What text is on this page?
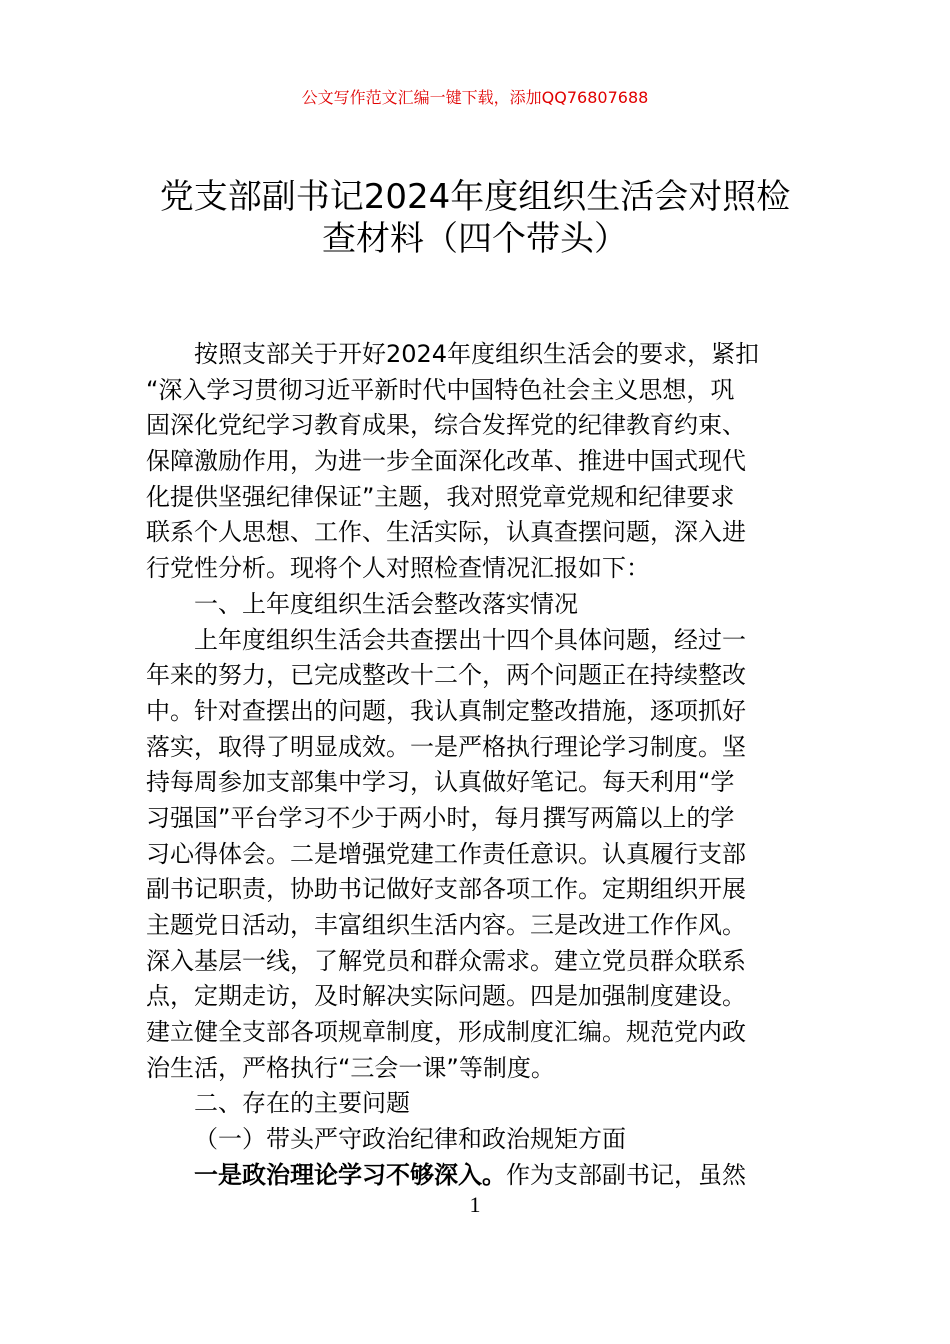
公文写作范文汇编一键下载，添加QQ76807688
党支部副书记2024年度组织生活会对照检
查材料（四个带头）
按照支部关于开好2024年度组织生活会的要求，紧扣
“深入学习贯彻习近平新时代中国特色社会主义思想，巩
固深化党纪学习教育成果，综合发挥党的纪律教育约束、
保障激励作用，为进一步全面深化改革、推进中国式现代
化提供坚强纪律保证”主题，我对照党章党规和纪律要求
联系个人思想、工作、生活实际，认真查摆问题，深入进
行党性分析。现将个人对照检查情况汇报如下：
一、上年度组织生活会整改落实情况
上年度组织生活会共查摆出十四个具体问题，经过一
年来的努力，已完成整改十二个，两个问题正在持续整改
中。针对查摆出的问题，我认真制定整改措施，逐项抓好
落实，取得了明显成效。一是严格执行理论学习制度。坚
持每周参加支部集中学习，认真做好笔记。每天利用“学
习强国”平台学习不少于两小时，每月撰写两篇以上的学
习心得体会。二是增强党建工作责任意识。认真履行支部
副书记职责，协助书记做好支部各项工作。定期组织开展
主题党日活动，丰富组织生活内容。三是改进工作作风。
深入基层一线，了解党员和群众需求。建立党员群众联系
点，定期走访，及时解决实际问题。四是加强制度建设。
建立健全支部各项规章制度，形成制度汇编。规范党内政
治生活，严格执行“三会一课”等制度。
二、存在的主要问题
（一）带头严守政治纪律和政治规矩方面
一是政治理论学习不够深入。作为支部副书记，虽然
1
